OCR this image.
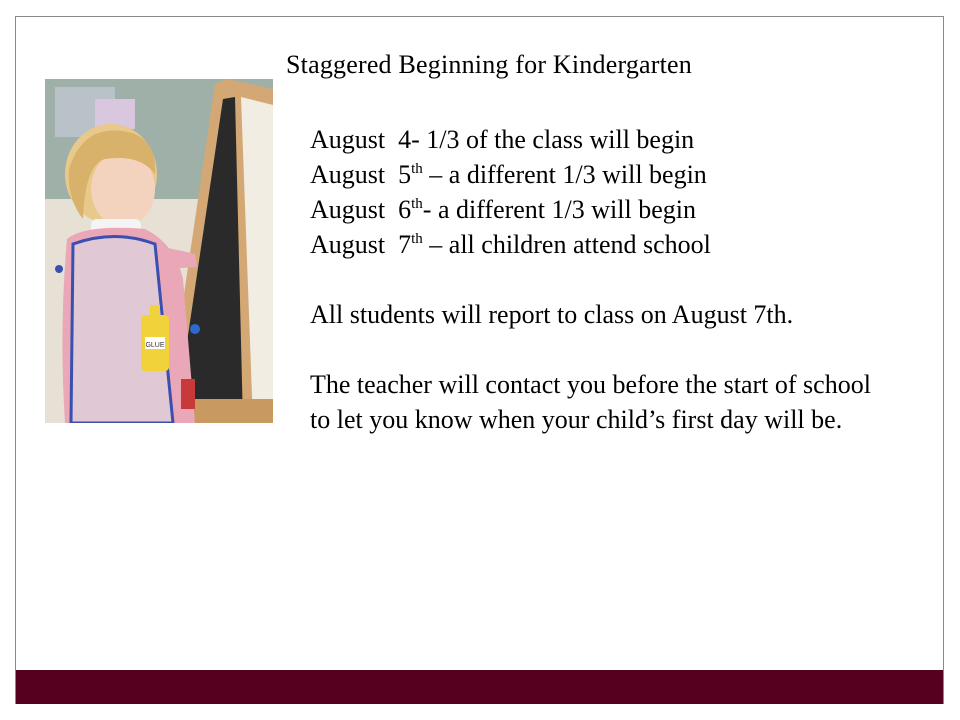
GLUE
Staggered Beginning for Kindergarten
August 4- 1/3 of the class will begin
August 5th – a different 1/3 will begin
August 6th- a different 1/3 will begin
August 7th – all children attend school
All students will report to class on August 7th.
The teacher will contact you before the start of school to let you know when your child’s first day will be.
